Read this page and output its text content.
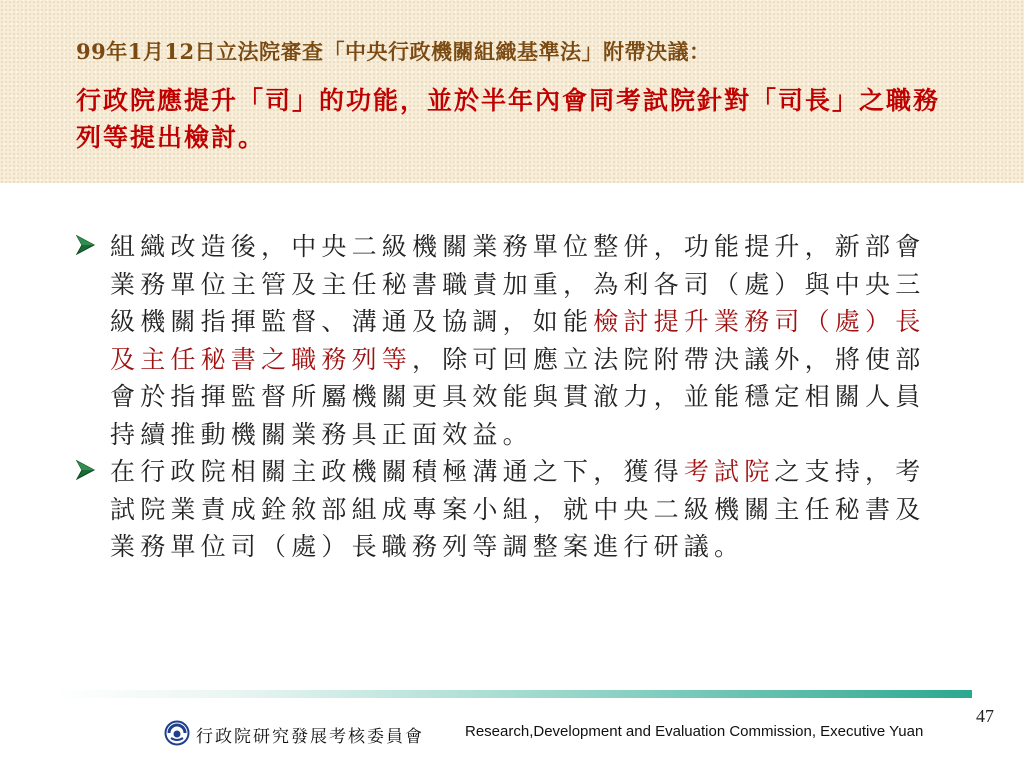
99年1月12日立法院審查「中央行政機關組織基準法」附帶決議：
行政院應提升「司」的功能，並於半年內會同考試院針對「司長」之職務列等提出檢討。
組織改造後，中央二級機關業務單位整併，功能提升，新部會業務單位主管及主任秘書職責加重，為利各司（處）與中央三級機關指揮監督、溝通及協調，如能檢討提升業務司（處）長及主任秘書之職務列等，除可回應立法院附帶決議外，將使部會於指揮監督所屬機關更具效能與貫澈力，並能穩定相關人員持續推動機關業務具正面效益。
在行政院相關主政機關積極溝通之下，獲得考試院之支持，考試院業責成銓敘部組成專案小組，就中央二級機關主任秘書及業務單位司（處）長職務列等調整案進行研議。
47
行政院研究發展考核委員會	Research,Development and Evaluation Commission, Executive Yuan
